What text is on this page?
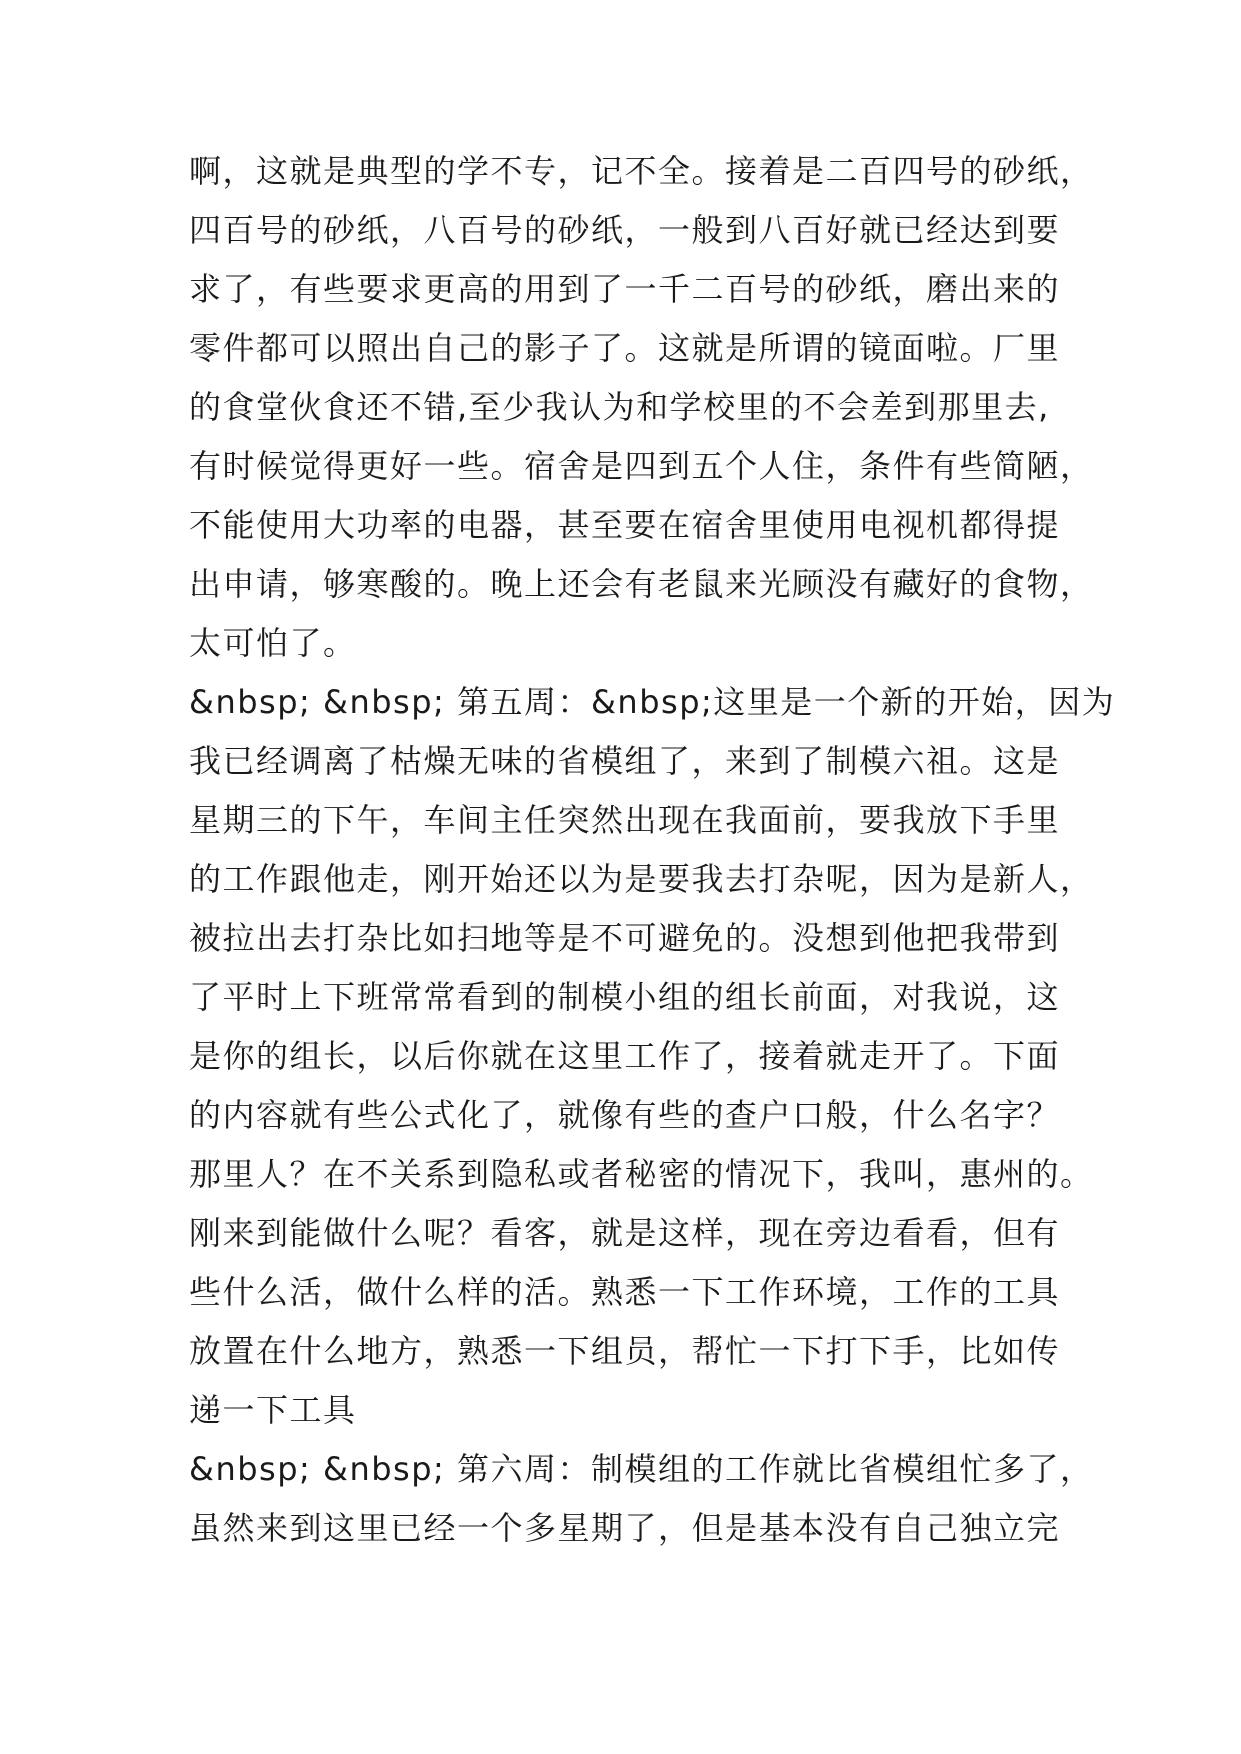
啊，这就是典型的学不专，记不全。接着是二百四号的砂纸，
四百号的砂纸，八百号的砂纸，一般到八百好就已经达到要
求了，有些要求更高的用到了一千二百号的砂纸，磨出来的
零件都可以照出自己的影子了。这就是所谓的镜面啦。厂里
的食堂伙食还不错,至少我认为和学校里的不会差到那里去,
有时候觉得更好一些。宿舍是四到五个人住，条件有些简陋，
不能使用大功率的电器，甚至要在宿舍里使用电视机都得提
出申请，够寒酸的。晚上还会有老鼠来光顾没有藏好的食物，
太可怕了。
&nbsp; &nbsp; 第五周：&nbsp;这里是一个新的开始，因为
我已经调离了枯燥无味的省模组了，来到了制模六祖。这是
星期三的下午，车间主任突然出现在我面前，要我放下手里
的工作跟他走，刚开始还以为是要我去打杂呢，因为是新人，
被拉出去打杂比如扫地等是不可避免的。没想到他把我带到
了平时上下班常常看到的制模小组的组长前面，对我说，这
是你的组长，以后你就在这里工作了，接着就走开了。下面
的内容就有些公式化了，就像有些的查户口般，什么名字？
那里人？在不关系到隐私或者秘密的情况下，我叫，惠州的。
刚来到能做什么呢？看客，就是这样，现在旁边看看，但有
些什么活，做什么样的活。熟悉一下工作环境，工作的工具
放置在什么地方，熟悉一下组员，帮忙一下打下手，比如传
递一下工具
&nbsp; &nbsp; 第六周：制模组的工作就比省模组忙多了，
虽然来到这里已经一个多星期了，但是基本没有自己独立完
